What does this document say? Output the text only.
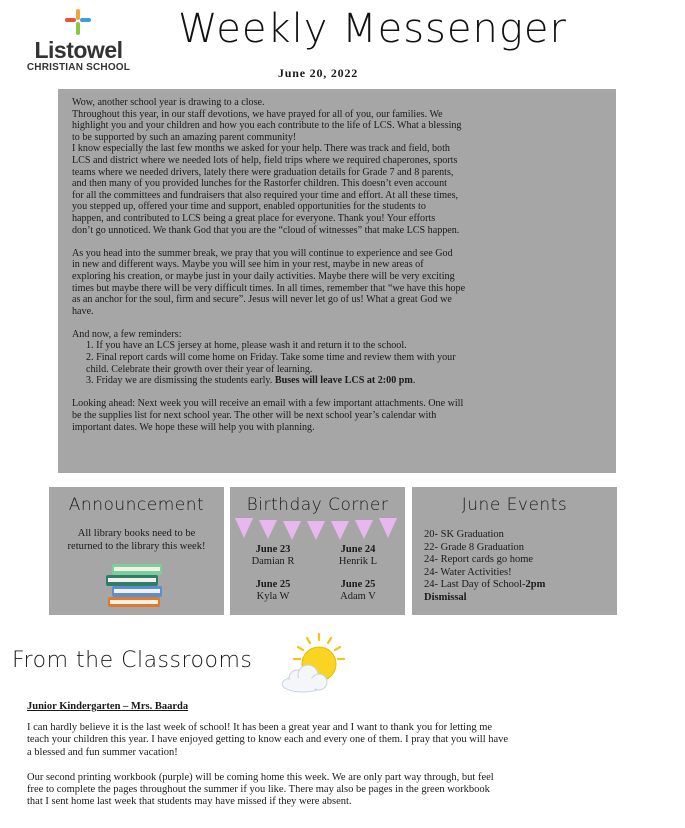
Listowel
CHRISTIAN SCHOOL
Weekly Messenger
June 20, 2022

Wow, another school year is drawing to a close.

Throughout this year, in our staff devotions, we have prayed for all of you, our families. We

highlight you and your children and how you each contribute to the life of LCS. What a blessing

to be supported by such an amazing parent community!

I know especially the last few months we asked for your help. There was track and field, both

LCS and district where we needed lots of help, field trips where we required chaperones, sports

teams where we needed drivers, lately there were graduation details for Grade 7 and 8 parents,

and then many of you provided lunches for the Rastorfer children. This doesn’t even account

for all the committees and fundraisers that also required your time and effort. At all these times,

you stepped up, offered your time and support, enabled opportunities for the students to

happen, and contributed to LCS being a great place for everyone. Thank you! Your efforts

don’t go unnoticed. We thank God that you are the “cloud of witnesses” that make LCS happen.

As you head into the summer break, we pray that you will continue to experience and see God

in new and different ways. Maybe you will see him in your rest, maybe in new areas of

exploring his creation, or maybe just in your daily activities. Maybe there will be very exciting

times but maybe there will be very difficult times. In all times, remember that “we have this hope

as an anchor for the soul, firm and secure”. Jesus will never let go of us! What a great God we

have.

And now, a few reminders:

1. If you have an LCS jersey at home, please wash it and return it to the school.
2. Final report cards will come home on Friday. Take some time and review them with your
child. Celebrate their growth over their year of learning.
3. Friday we are dismissing the students early. Buses will leave LCS at 2:00 pm.

Looking ahead: Next week you will receive an email with a few important attachments. One will

be the supplies list for next school year. The other will be next school year’s calendar with

important dates. We hope these will help you with planning.

Announcement
All library books need to be
returned to the library this week!
Birthday Corner
June 23
Damian R
June 24
Henrik L
June 25
Kyla W
June 25
Adam V
June Events
20- SK Graduation
22- Grade 8 Graduation
24- Report cards go home
24- Water Activities!
24- Last Day of School-2pm
Dismissal
From the Classrooms
Junior Kindergarten – Mrs. Baarda

I can hardly believe it is the last week of school! It has been a great year and I want to thank you for letting me
teach your children this year. I have enjoyed getting to know each and every one of them. I pray that you will have
a blessed and fun summer vacation!

Our second printing workbook (purple) will be coming home this week. We are only part way through, but feel
free to complete the pages throughout the summer if you like. There may also be pages in the green workbook
that I sent home last week that students may have missed if they were absent.
